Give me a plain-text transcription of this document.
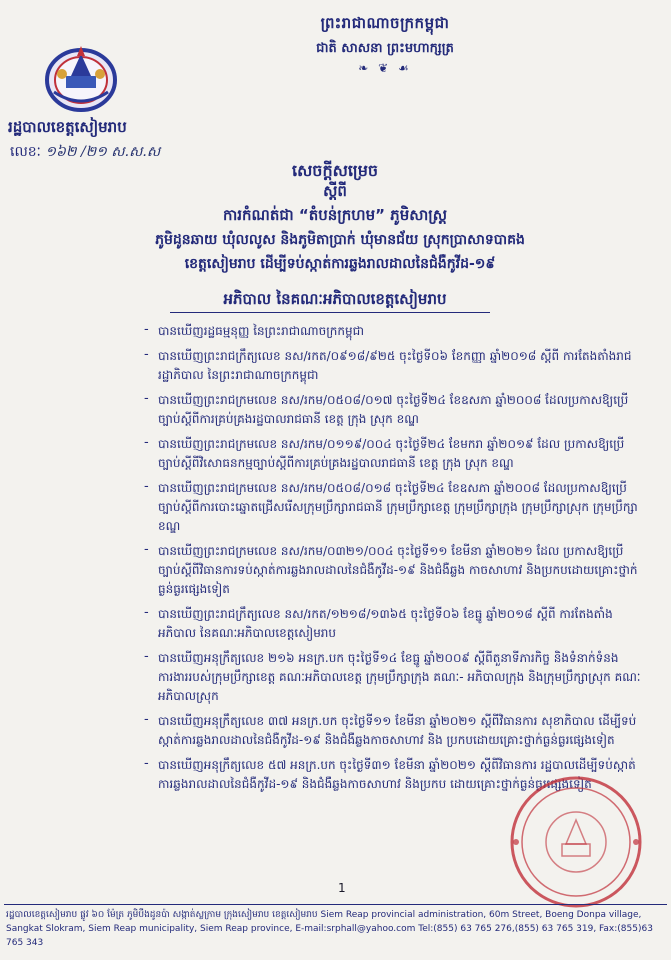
ព្រះរាជាណាចក្រកម្ពុជា
ជាតិ សាសនា ព្រះមហាក្សត្រ
❧ ❦ ☙
រដ្ឋបាលខេត្តសៀមរាប
លេខៈ ១៦២ /២១ ស.ស.ស
សេចក្តីសម្រេច
ស្តីពី
ការកំណត់ជា “តំបន់ក្រហម” ភូមិសាស្ត្រ
ភូមិដូនឆាយ ឃុំលលូស និងភូមិតាប្រាក់ ឃុំមានជ័យ ស្រុកប្រាសាទបាគង
ខេត្តសៀមរាប ដើម្បីទប់ស្កាត់ការឆ្លងរាលដាលនៃជំងឺកូវីដ-១៩
អភិបាល នៃគណៈអភិបាលខេត្តសៀមរាប
- បានឃើញរដ្ឋធម្មនុញ្ញ នៃព្រះរាជាណាចក្រកម្ពុជា
- បានឃើញព្រះរាជក្រឹត្យលេខ នស/រកត/០៩១៨/៩២៥ ចុះថ្ងៃទី០៦ ខែកញ្ញា ឆ្នាំ២០១៨ ស្តីពី ការតែងតាំងរាជរដ្ឋាភិបាល នៃព្រះរាជាណាចក្រកម្ពុជា
- បានឃើញព្រះរាជក្រមលេខ នស/រកម/០៥០៨/០១៧ ចុះថ្ងៃទី២៤ ខែឧសភា ឆ្នាំ២០០៨ ដែលប្រកាសឱ្យប្រើច្បាប់ស្តីពីការគ្រប់គ្រងរដ្ឋបាលរាជធានី ខេត្ត ក្រុង ស្រុក ខណ្ឌ
- បានឃើញព្រះរាជក្រមលេខ នស/រកម/០១១៩/០០៤ ចុះថ្ងៃទី២៤ ខែមករា ឆ្នាំ២០១៩ ដែល ប្រកាសឱ្យប្រើច្បាប់ស្តីពីវិសោធនកម្មច្បាប់ស្តីពីការគ្រប់គ្រងរដ្ឋបាលរាជធានី ខេត្ត ក្រុង ស្រុក ខណ្ឌ
- បានឃើញព្រះរាជក្រមលេខ នស/រកម/០៥០៨/០១៨ ចុះថ្ងៃទី២៤ ខែឧសភា ឆ្នាំ២០០៨ ដែលប្រកាសឱ្យប្រើច្បាប់ស្តីពីការបោះឆ្នោតជ្រើសរើសក្រុមប្រឹក្សារាជធានី ក្រុមប្រឹក្សាខេត្ត ក្រុមប្រឹក្សាក្រុង ក្រុមប្រឹក្សាស្រុក ក្រុមប្រឹក្សាខណ្ឌ
- បានឃើញព្រះរាជក្រមលេខ នស/រកម/០៣២១/០០៤ ចុះថ្ងៃទី១១ ខែមីនា ឆ្នាំ២០២១ ដែល ប្រកាសឱ្យប្រើច្បាប់ស្តីពីវិធានការទប់ស្កាត់ការឆ្លងរាលដាលនៃជំងឺកូវីដ-១៩ និងជំងឺឆ្លង កាចសាហាវ និងប្រកបដោយគ្រោះថ្នាក់ធ្ងន់ធ្ងរផ្សេងទៀត
- បានឃើញព្រះរាជក្រឹត្យលេខ នស/រកត/១២១៨/១៣៦៥ ចុះថ្ងៃទី០៦ ខែធ្នូ ឆ្នាំ២០១៨ ស្តីពី ការតែងតាំងអភិបាល នៃគណៈអភិបាលខេត្តសៀមរាប
- បានឃើញអនុក្រឹត្យលេខ ២១៦ អនក្រ.បក ចុះថ្ងៃទី១៤ ខែធ្នូ ឆ្នាំ២០០៩ ស្តីពីតួនាទីភារកិច្ច និងទំនាក់ទំនងការងាររបស់ក្រុមប្រឹក្សាខេត្ត គណៈអភិបាលខេត្ត ក្រុមប្រឹក្សាក្រុង គណៈ- អភិបាលក្រុង និងក្រុមប្រឹក្សាស្រុក គណៈអភិបាលស្រុក
- បានឃើញអនុក្រឹត្យលេខ ៣៧ អនក្រ.បក ចុះថ្ងៃទី១១ ខែមីនា ឆ្នាំ២០២១ ស្តីពីវិធានការ សុខាភិបាល ដើម្បីទប់ស្កាត់ការឆ្លងរាលដាលនៃជំងឺកូវីដ-១៩ និងជំងឺឆ្លងកាចសាហាវ និង ប្រកបដោយគ្រោះថ្នាក់ធ្ងន់ធ្ងរផ្សេងទៀត
- បានឃើញអនុក្រឹត្យលេខ ៥៧ អនក្រ.បក ចុះថ្ងៃទី៣១ ខែមីនា ឆ្នាំ២០២១ ស្តីពីវិធានការ រដ្ឋបាលដើម្បីទប់ស្កាត់ការឆ្លងរាលដាលនៃជំងឺកូវីដ-១៩ និងជំងឺឆ្លងកាចសាហាវ និងប្រកប ដោយគ្រោះថ្នាក់ធ្ងន់ធ្ងរផ្សេងទៀត
1
រដ្ឋបាលខេត្តសៀមរាប ផ្លូវ ៦០ ម៉ែត្រ ភូមិបឹងដូនប៉ា សង្កាត់ស្លក្រាម ក្រុងសៀមរាប ខេត្តសៀមរាប Siem Reap provincial administration, 60m Street, Boeng Donpa village,
Sangkat Slokram, Siem Reap municipality, Siem Reap province, E-mail:srphall@yahoo.com Tel:(855) 63 765 276,(855) 63 765 319, Fax:(855)63 765 343
